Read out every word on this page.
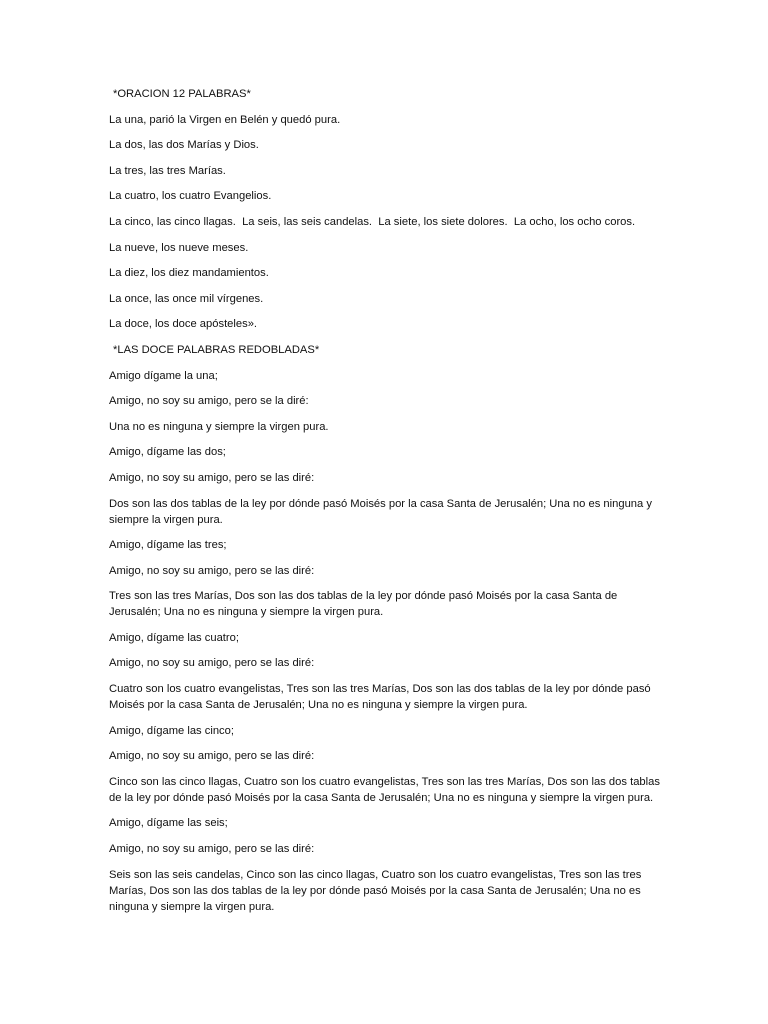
*ORACION 12 PALABRAS*

La una, parió la Virgen en Belén y quedó pura.

La dos, las dos Marías y Dios.

La tres, las tres Marías.

La cuatro, los cuatro Evangelios.

La cinco, las cinco llagas.  La seis, las seis candelas.  La siete, los siete dolores.  La ocho, los ocho coros.

La nueve, los nueve meses.

La diez, los diez mandamientos.

La once, las once mil vírgenes.

La doce, los doce apósteles».

*LAS DOCE PALABRAS REDOBLADAS*

Amigo dígame la una;

Amigo, no soy su amigo, pero se la diré:

Una no es ninguna y siempre la virgen pura.

Amigo, dígame las dos;

Amigo, no soy su amigo, pero se las diré:

Dos son las dos tablas de la ley por dónde pasó Moisés por la casa Santa de Jerusalén; Una no es ninguna y siempre la virgen pura.

Amigo, dígame las tres;

Amigo, no soy su amigo, pero se las diré:

Tres son las tres Marías, Dos son las dos tablas de la ley por dónde pasó Moisés por la casa Santa de Jerusalén; Una no es ninguna y siempre la virgen pura.

Amigo, dígame las cuatro;

Amigo, no soy su amigo, pero se las diré:

Cuatro son los cuatro evangelistas, Tres son las tres Marías, Dos son las dos tablas de la ley por dónde pasó Moisés por la casa Santa de Jerusalén; Una no es ninguna y siempre la virgen pura.

Amigo, dígame las cinco;

Amigo, no soy su amigo, pero se las diré:

Cinco son las cinco llagas, Cuatro son los cuatro evangelistas, Tres son las tres Marías, Dos son las dos tablas de la ley por dónde pasó Moisés por la casa Santa de Jerusalén; Una no es ninguna y siempre la virgen pura.

Amigo, dígame las seis;

Amigo, no soy su amigo, pero se las diré:

Seis son las seis candelas, Cinco son las cinco llagas, Cuatro son los cuatro evangelistas, Tres son las tres Marías, Dos son las dos tablas de la ley por dónde pasó Moisés por la casa Santa de Jerusalén; Una no es ninguna y siempre la virgen pura.
